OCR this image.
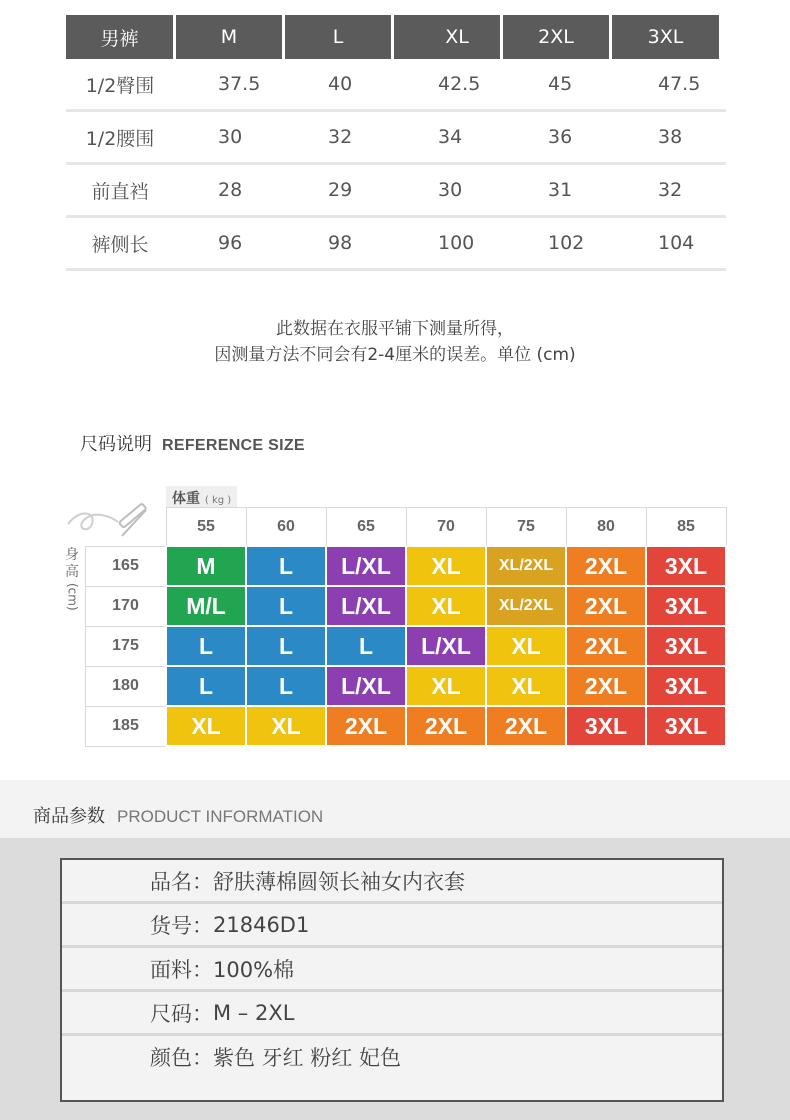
男裤	M	L	XL	2XL	3XL
1/2臀围	37.5	40	42.5	45	47.5
1/2腰围	30	32	34	36	38
前直裆	28	29	30	31	32
裤侧长	96	98	100	102	104
此数据在衣服平铺下测量所得，
因测量方法不同会有2-4厘米的误差。单位 (cm)
尺码说明 REFERENCE SIZE
体重 ( kg )
身高
(cm)
	55	60	65	70	75	80	85
165	M	L	L/XL	XL	XL/2XL	2XL	3XL
170	M/L	L	L/XL	XL	XL/2XL	2XL	3XL
175	L	L	L	L/XL	XL	2XL	3XL
180	L	L	L/XL	XL	XL	2XL	3XL
185	XL	XL	2XL	2XL	2XL	3XL	3XL
商品参数 PRODUCT INFORMATION
品名： 舒肤薄棉圆领长袖女内衣套
货号： 21846D1
面料： 100%棉
尺码： M – 2XL
颜色： 紫色 牙红 粉红 妃色
